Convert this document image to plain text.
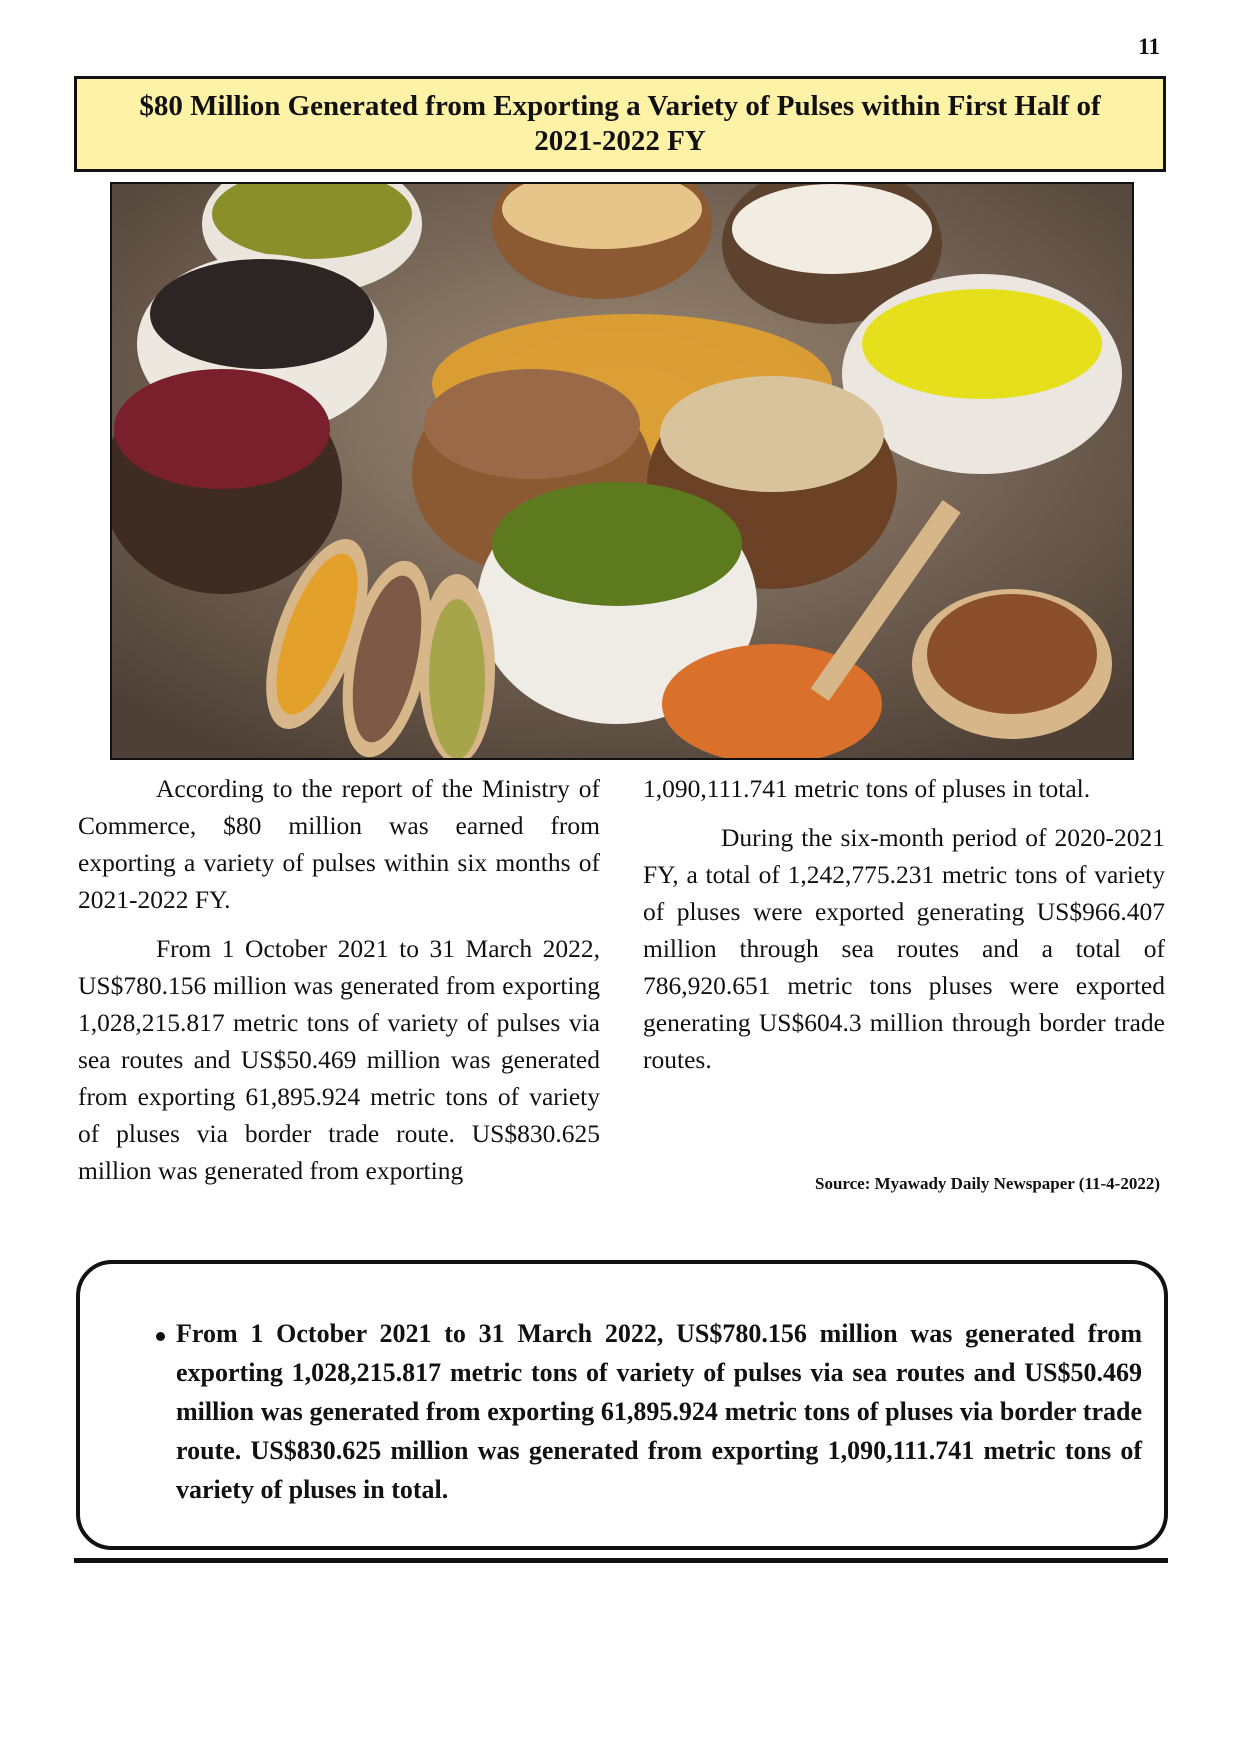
11
$80 Million Generated from Exporting a Variety of Pulses within First Half of 2021-2022 FY

According to the report of the Ministry of Commerce, $80 million was earned from exporting a variety of pulses within six months of 2021-2022 FY.

From 1 October 2021 to 31 March 2022, US$780.156 million was generated from exporting 1,028,215.817 metric tons of variety of pulses via sea routes and US$50.469 million was generated from exporting 61,895.924 metric tons of variety of pluses via border trade route. US$830.625 million was generated from exporting

1,090,111.741 metric tons of pluses in total.

During the six-month period of 2020-2021 FY, a total of 1,242,775.231 metric tons of variety of pluses were exported generating US$966.407 million through sea routes and a total of 786,920.651 metric tons pluses were exported generating US$604.3 million through border trade routes.

Source: Myawady Daily Newspaper (11-4-2022)
From 1 October 2021 to 31 March 2022, US$780.156 million was generated from exporting 1,028,215.817 metric tons of variety of pulses via sea routes and US$50.469 million was generated from exporting 61,895.924 metric tons of pluses via border trade route. US$830.625 million was generated from exporting 1,090,111.741 metric tons of variety of pluses in total.
